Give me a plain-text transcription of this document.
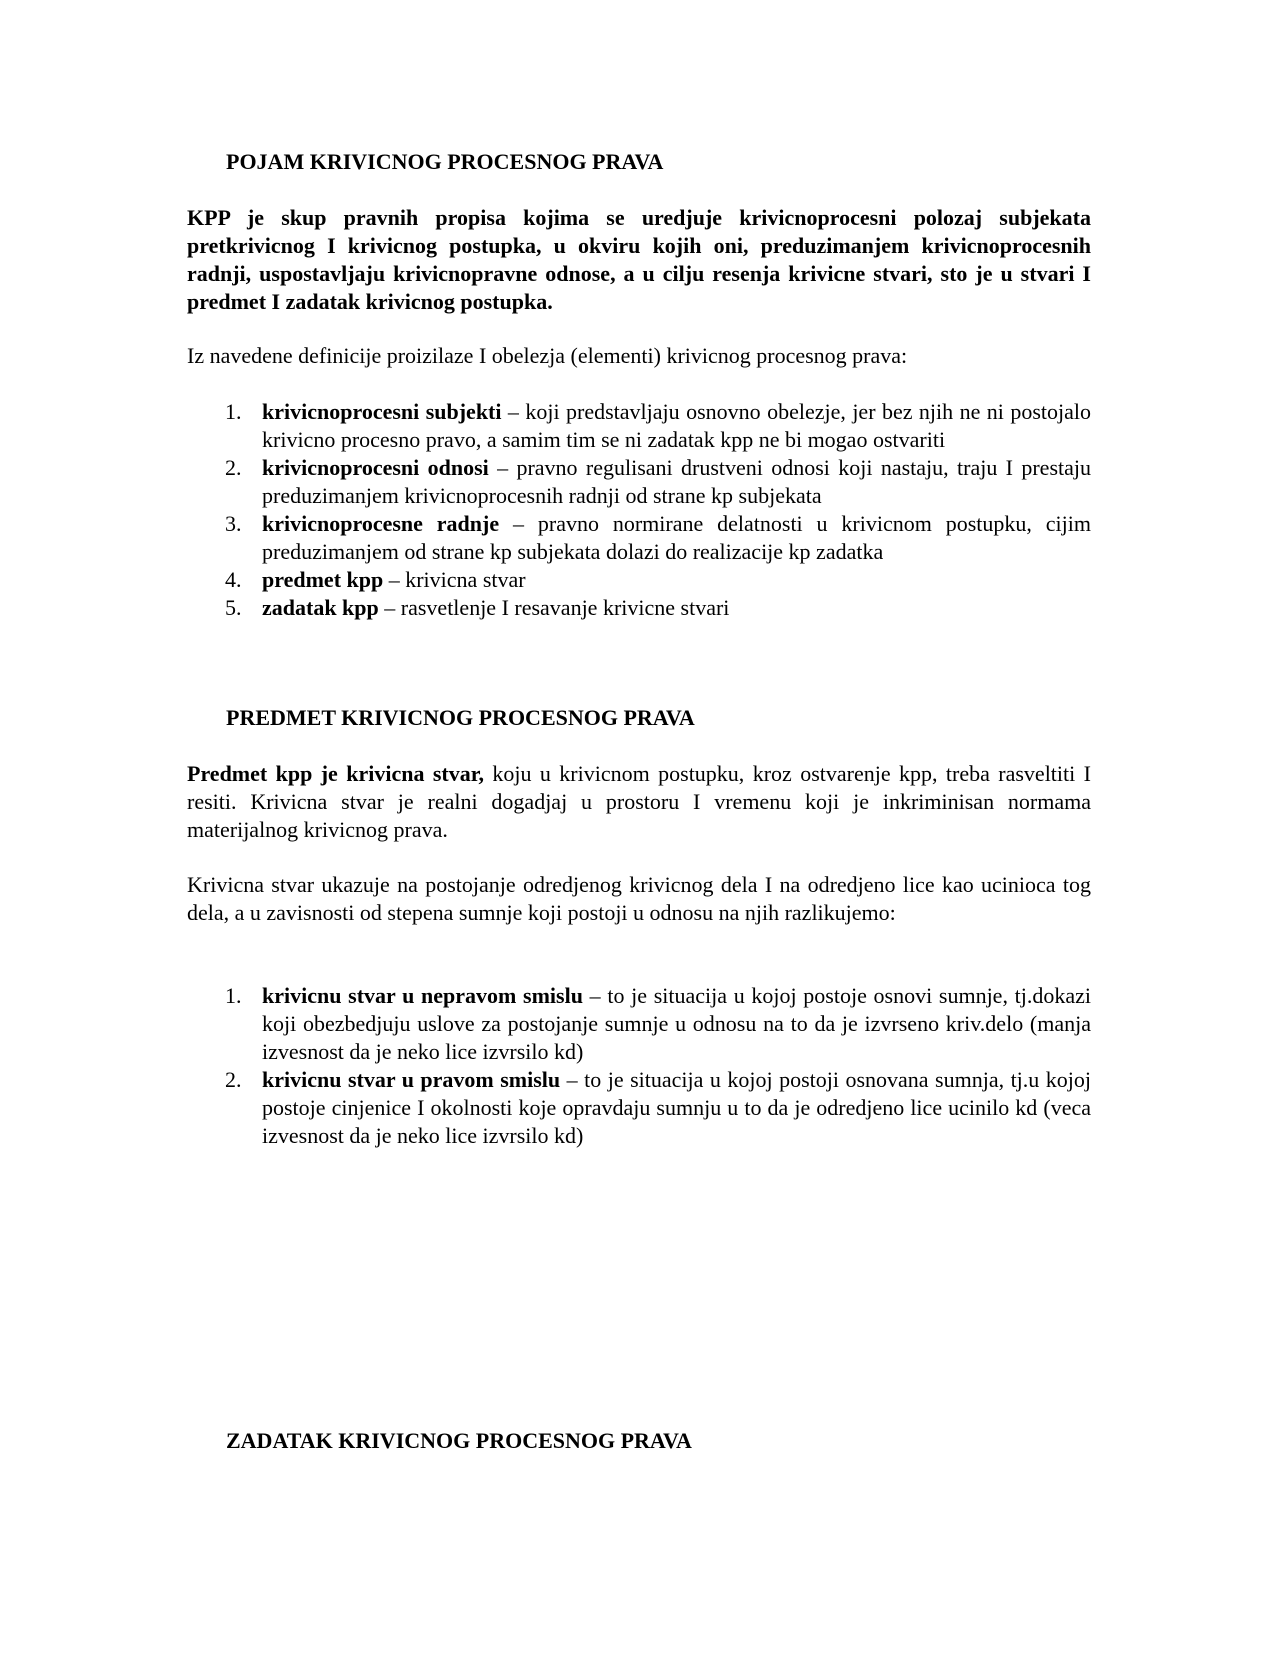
POJAM KRIVICNOG PROCESNOG PRAVA

KPP je skup pravnih propisa kojima se uredjuje krivicnoprocesni polozaj subjekata pretkrivicnog I krivicnog postupka, u okviru kojih oni, preduzimanjem krivicnoprocesnih radnji, uspostavljaju krivicnopravne odnose, a u cilju resenja krivicne stvari, sto je u stvari I predmet I zadatak krivicnog postupka.

Iz navedene definicije proizilaze I obelezja (elementi) krivicnog procesnog prava:

1. krivicnoprocesni subjekti – koji predstavljaju osnovno obelezje, jer bez njih ne ni postojalo krivicno procesno pravo, a samim tim se ni zadatak kpp ne bi mogao ostvariti
2. krivicnoprocesni odnosi – pravno regulisani drustveni odnosi koji nastaju, traju I prestaju preduzimanjem krivicnoprocesnih radnji od strane kp subjekata
3. krivicnoprocesne radnje – pravno normirane delatnosti u krivicnom postupku, cijim preduzimanjem od strane kp subjekata dolazi do realizacije kp zadatka
4. predmet kpp – krivicna stvar
5. zadatak kpp – rasvetlenje I resavanje krivicne stvari
PREDMET KRIVICNOG PROCESNOG PRAVA

Predmet kpp je krivicna stvar, koju u krivicnom postupku, kroz ostvarenje kpp, treba rasveltiti I resiti. Krivicna stvar je realni dogadjaj u prostoru I vremenu koji je inkriminisan normama materijalnog krivicnog prava.

Krivicna stvar ukazuje na postojanje odredjenog krivicnog dela I na odredjeno lice kao ucinioca tog dela, a u zavisnosti od stepena sumnje koji postoji u odnosu na njih razlikujemo:

1. krivicnu stvar u nepravom smislu – to je situacija u kojoj postoje osnovi sumnje, tj.dokazi koji obezbedjuju uslove za postojanje sumnje u odnosu na to da je izvrseno kriv.delo (manja izvesnost da je neko lice izvrsilo kd)
2. krivicnu stvar u pravom smislu – to je situacija u kojoj postoji osnovana sumnja, tj.u kojoj postoje cinjenice I okolnosti koje opravdaju sumnju u to da je odredjeno lice ucinilo kd (veca izvesnost da je neko lice izvrsilo kd)
ZADATAK KRIVICNOG PROCESNOG PRAVA
